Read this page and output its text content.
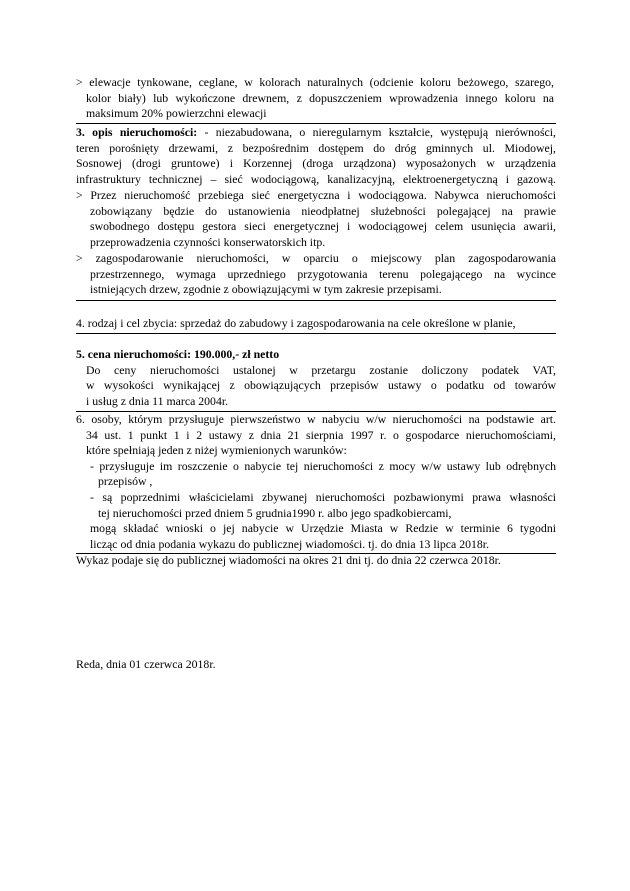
> elewacje tynkowane, ceglane, w kolorach naturalnych (odcienie koloru beżowego, szarego,
kolor biały) lub wykończone drewnem, z dopuszczeniem wprowadzenia innego koloru na
maksimum 20% powierzchni elewacji
3. opis nieruchomości: - niezabudowana, o nieregularnym kształcie, występują nierówności,
teren porośnięty drzewami, z bezpośrednim dostępem do dróg gminnych ul. Miodowej,
Sosnowej (drogi gruntowe) i Korzennej (droga urządzona) wyposażonych w urządzenia
infrastruktury technicznej – sieć wodociągową, kanalizacyjną, elektroenergetyczną i gazową.
> Przez nieruchomość przebiega sieć energetyczna i wodociągowa. Nabywca nieruchomości
zobowiązany będzie do ustanowienia nieodpłatnej służebności polegającej na prawie
swobodnego dostępu gestora sieci energetycznej i wodociągowej celem usunięcia awarii,
przeprowadzenia czynności konserwatorskich itp.
> zagospodarowanie nieruchomości, w oparciu o miejscowy plan zagospodarowania
przestrzennego, wymaga uprzedniego przygotowania terenu polegającego na wycince
istniejących drzew, zgodnie z obowiązującymi w tym zakresie przepisami.
4. rodzaj i cel zbycia: sprzedaż do zabudowy i zagospodarowania na cele określone w planie,
5. cena nieruchomości: 190.000,- zł netto
Do ceny nieruchomości ustalonej w przetargu zostanie doliczony podatek VAT,
w wysokości wynikającej z obowiązujących przepisów ustawy o podatku od towarów
i usług z dnia 11 marca 2004r.
6. osoby, którym przysługuje pierwszeństwo w nabyciu w/w nieruchomości na podstawie art.
34 ust. 1 punkt 1 i 2 ustawy z dnia 21 sierpnia 1997 r. o gospodarce nieruchomościami,
które spełniają jeden z niżej wymienionych warunków:
- przysługuje im roszczenie o nabycie tej nieruchomości z mocy w/w ustawy lub odrębnych
przepisów ,
- są poprzednimi właścicielami zbywanej nieruchomości pozbawionymi prawa własności
tej nieruchomości przed dniem 5 grudnia1990 r. albo jego spadkobiercami,
mogą składać wnioski o jej nabycie w Urzędzie Miasta w Redzie w terminie 6 tygodni
licząc od dnia podania wykazu do publicznej wiadomości. tj. do dnia 13 lipca 2018r.
Wykaz podaje się do publicznej wiadomości na okres 21 dni tj. do dnia 22 czerwca 2018r.
Reda, dnia 01 czerwca 2018r.
